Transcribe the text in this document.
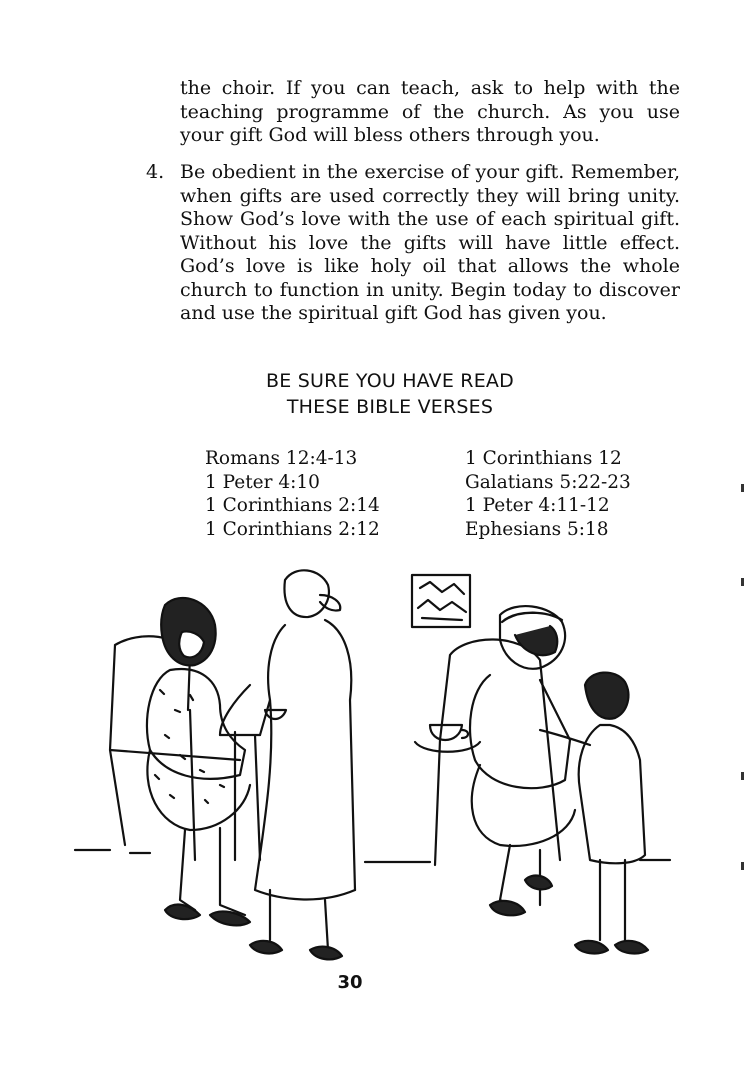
the choir. If you can teach, ask to help with the teaching programme of the church. As you use your gift God will bless others through you.

4. Be obedient in the exercise of your gift. Remember, when gifts are used correctly they will bring unity. Show God’s love with the use of each spiritual gift. Without his love the gifts will have little effect. God’s love is like holy oil that allows the whole church to function in unity. Begin today to discover and use the spiritual gift God has given you.

BE SURE YOU HAVE READ
THESE BIBLE VERSES
Romans 12:4-13
1 Peter 4:10
1 Corinthians 2:14
1 Corinthians 2:12
1 Corinthians 12
Galatians 5:22-23
1 Peter 4:11-12
Ephesians 5:18
30
